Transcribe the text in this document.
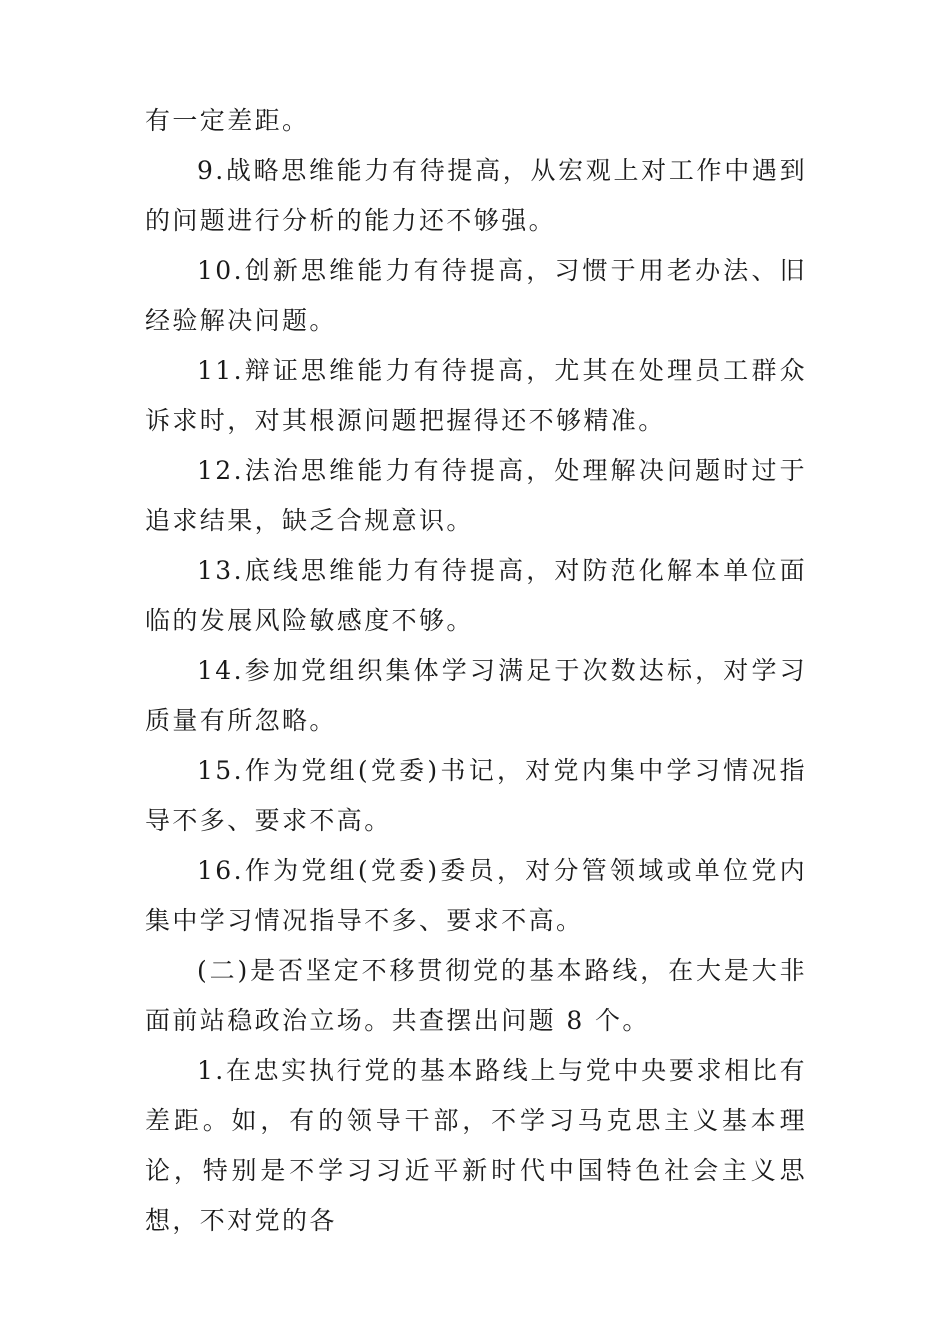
有一定差距。

9.战略思维能力有待提高，从宏观上对工作中遇到的问题进行分析的能力还不够强。

10.创新思维能力有待提高，习惯于用老办法、旧经验解决问题。

11.辩证思维能力有待提高，尤其在处理员工群众诉求时，对其根源问题把握得还不够精准。

12.法治思维能力有待提高，处理解决问题时过于追求结果，缺乏合规意识。

13.底线思维能力有待提高，对防范化解本单位面临的发展风险敏感度不够。

14.参加党组织集体学习满足于次数达标，对学习质量有所忽略。

15.作为党组(党委)书记，对党内集中学习情况指导不多、要求不高。

16.作为党组(党委)委员，对分管领域或单位党内集中学习情况指导不多、要求不高。

(二)是否坚定不移贯彻党的基本路线，在大是大非面前站稳政治立场。共查摆出问题 8 个。

1.在忠实执行党的基本路线上与党中央要求相比有差距。如，有的领导干部，不学习马克思主义基本理论，特别是不学习习近平新时代中国特色社会主义思想，不对党的各
